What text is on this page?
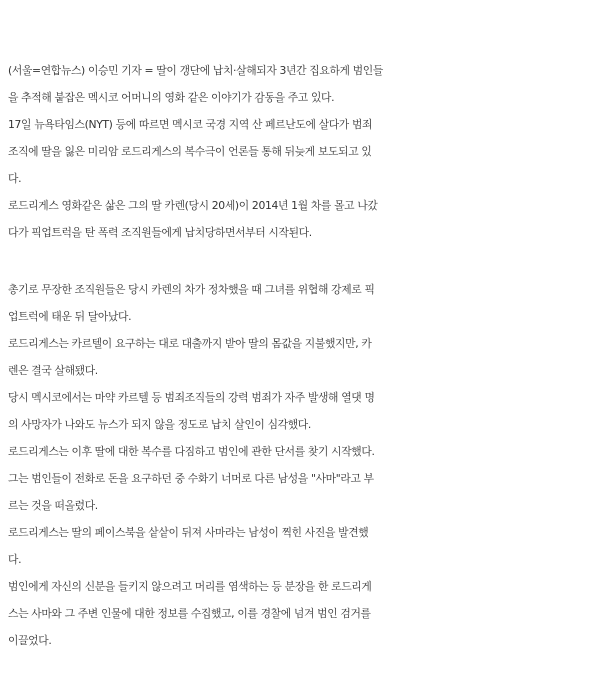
(서울=연합뉴스) 이승민 기자 = 딸이 갱단에 납치·살해되자 3년간 집요하게 범인들
을 추적해 붙잡은 멕시코 어머니의 영화 같은 이야기가 감동을 주고 있다.
17일 뉴욕타임스(NYT) 등에 따르면 멕시코 국경 지역 산 페르난도에 살다가 범죄
조직에 딸을 잃은 미리암 로드리게스의 복수극이 언론들 통해 뒤늦게 보도되고 있
다.
로드리게스 영화같은 삶은 그의 딸 카렌(당시 20세)이 2014년 1월 차를 몰고 나갔
다가 픽업트럭을 탄 폭력 조직원들에게 납치당하면서부터 시작된다.
총기로 무장한 조직원들은 당시 카렌의 차가 정차했을 때 그녀를 위협해 강제로 픽
업트럭에 태운 뒤 달아났다.
로드리게스는 카르텔이 요구하는 대로 대출까지 받아 딸의 몸값을 지불했지만, 카
렌은 결국 살해됐다.
당시 멕시코에서는 마약 카르텔 등 범죄조직들의 강력 범죄가 자주 발생해 열댓 명
의 사망자가 나와도 뉴스가 되지 않을 정도로 납치 살인이 심각했다.
로드리게스는 이후 딸에 대한 복수를 다짐하고 범인에 관한 단서를 찾기 시작했다.
그는 범인들이 전화로 돈을 요구하던 중 수화기 너머로 다른 남성을 "사마"라고 부
르는 것을 떠올렸다.
로드리게스는 딸의 페이스북을 샅샅이 뒤져 사마라는 남성이 찍힌 사진을 발견했
다.
범인에게 자신의 신분을 들키지 않으려고 머리를 염색하는 등 분장을 한 로드리게
스는 사마와 그 주변 인물에 대한 정보를 수집했고, 이를 경찰에 넘겨 범인 검거를
이끌었다.
